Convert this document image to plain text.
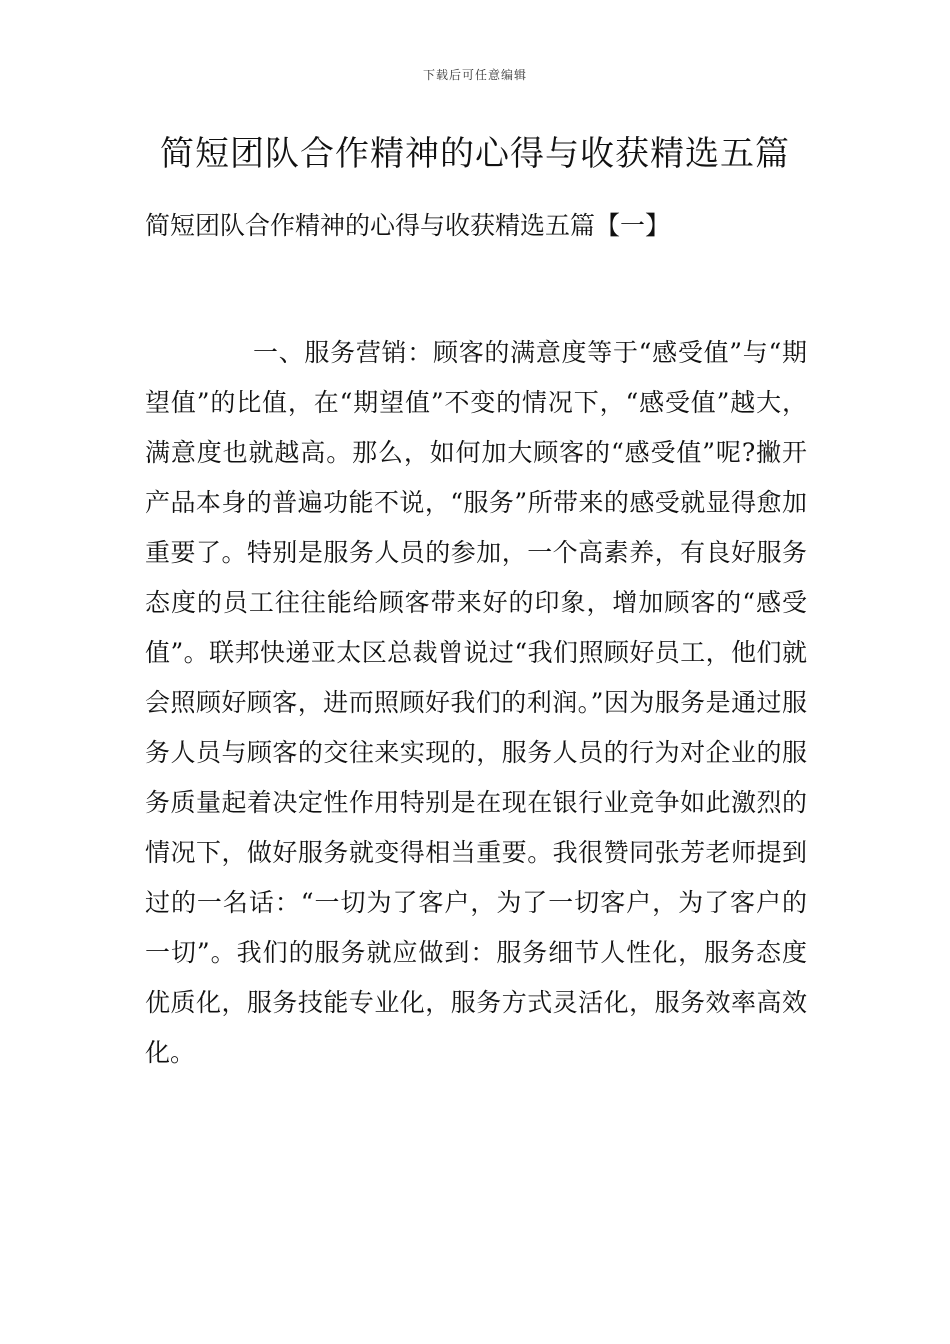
下载后可任意编辑
简短团队合作精神的心得与收获精选五篇
简短团队合作精神的心得与收获精选五篇【一】

一、服务营销：顾客的满意度等于“感受值”与“期望值”的比值，在“期望值”不变的情况下，“感受值”越大，满意度也就越高。那么，如何加大顾客的“感受值”呢?撇开产品本身的普遍功能不说，“服务”所带来的感受就显得愈加重要了。特别是服务人员的参加，一个高素养，有良好服务态度的员工往往能给顾客带来好的印象，增加顾客的“感受值”。联邦快递亚太区总裁曾说过“我们照顾好员工，他们就会照顾好顾客，进而照顾好我们的利润。”因为服务是通过服务人员与顾客的交往来实现的，服务人员的行为对企业的服务质量起着决定性作用特别是在现在银行业竞争如此激烈的情况下，做好服务就变得相当重要。我很赞同张芳老师提到过的一名话：“一切为了客户，为了一切客户，为了客户的一切”。我们的服务就应做到：服务细节人性化，服务态度优质化，服务技能专业化，服务方式灵活化，服务效率高效化。
